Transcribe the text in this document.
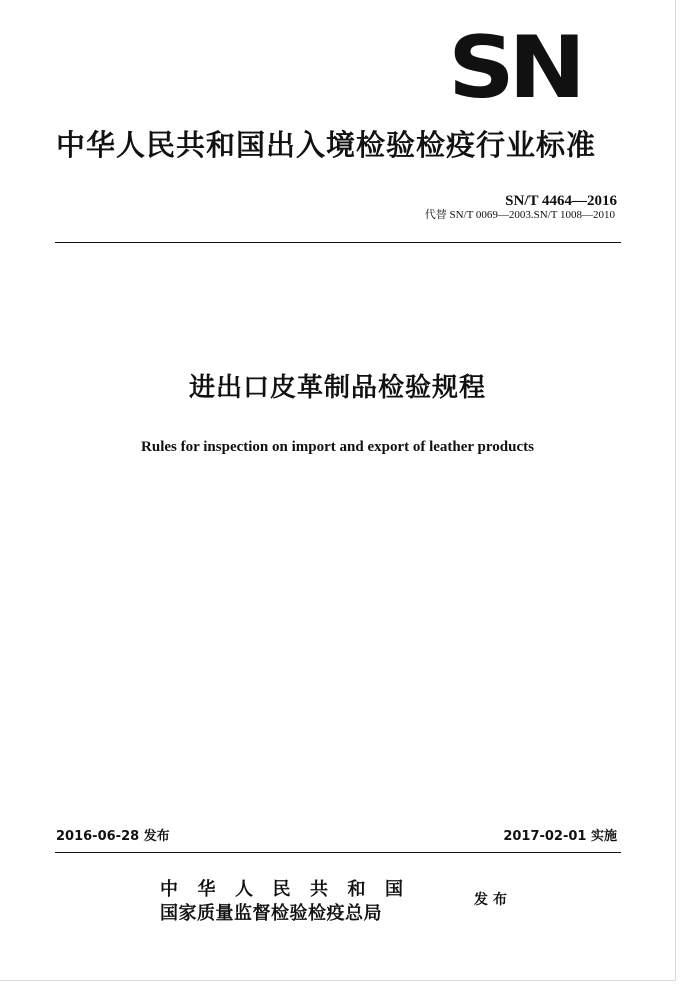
SN
中华人民共和国出入境检验检疫行业标准
SN/T 4464—2016
代替 SN/T 0069—2003.SN/T 1008—2010
进出口皮革制品检验规程
Rules for inspection on import and export of leather products
2016-06-28 发布	2017-02-01 实施
中华人民共和国
国家质量监督检验检疫总局
发布
